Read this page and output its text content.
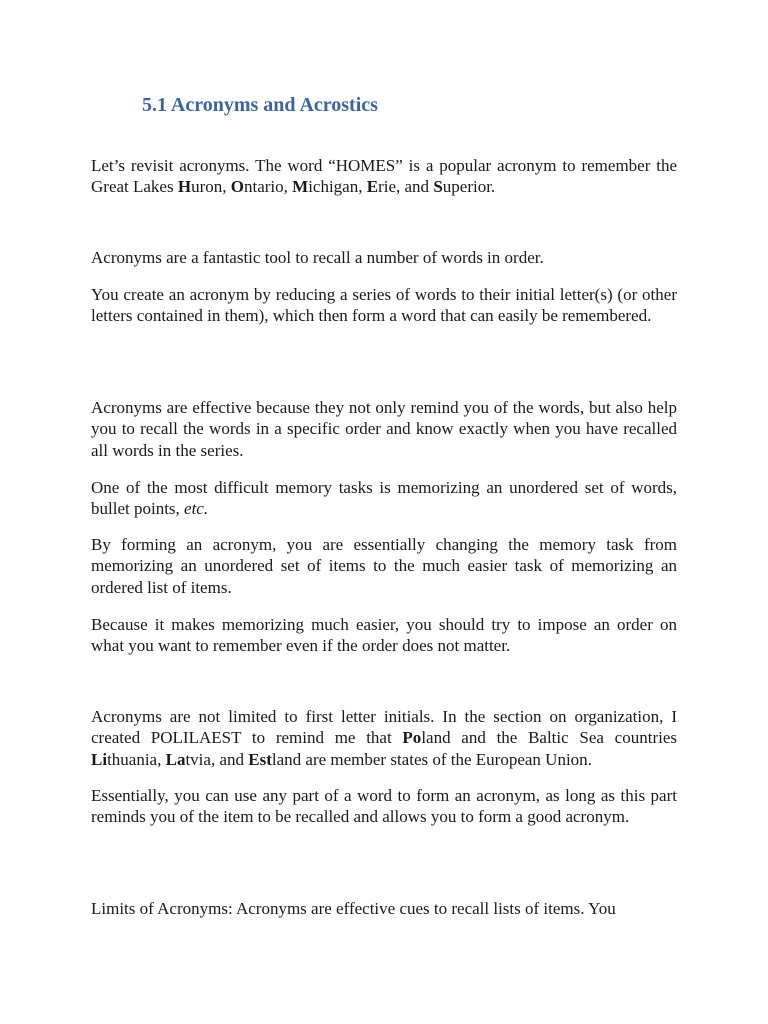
5.1 Acronyms and Acrostics

Let’s revisit acronyms. The word “HOMES” is a popular acronym to remember the Great Lakes Huron, Ontario, Michigan, Erie, and Superior.

Acronyms are a fantastic tool to recall a number of words in order.

You create an acronym by reducing a series of words to their initial letter(s) (or other letters contained in them), which then form a word that can easily be remembered.

Acronyms are effective because they not only remind you of the words, but also help you to recall the words in a specific order and know exactly when you have recalled all words in the series.

One of the most difficult memory tasks is memorizing an unordered set of words, bullet points, etc.

By forming an acronym, you are essentially changing the memory task from memorizing an unordered set of items to the much easier task of memorizing an ordered list of items.

Because it makes memorizing much easier, you should try to impose an order on what you want to remember even if the order does not matter.

Acronyms are not limited to first letter initials. In the section on organization, I created POLILAEST to remind me that Poland and the Baltic Sea countries Lithuania, Latvia, and Estland are member states of the European Union.

Essentially, you can use any part of a word to form an acronym, as long as this part reminds you of the item to be recalled and allows you to form a good acronym.

Limits of Acronyms: Acronyms are effective cues to recall lists of items. You
